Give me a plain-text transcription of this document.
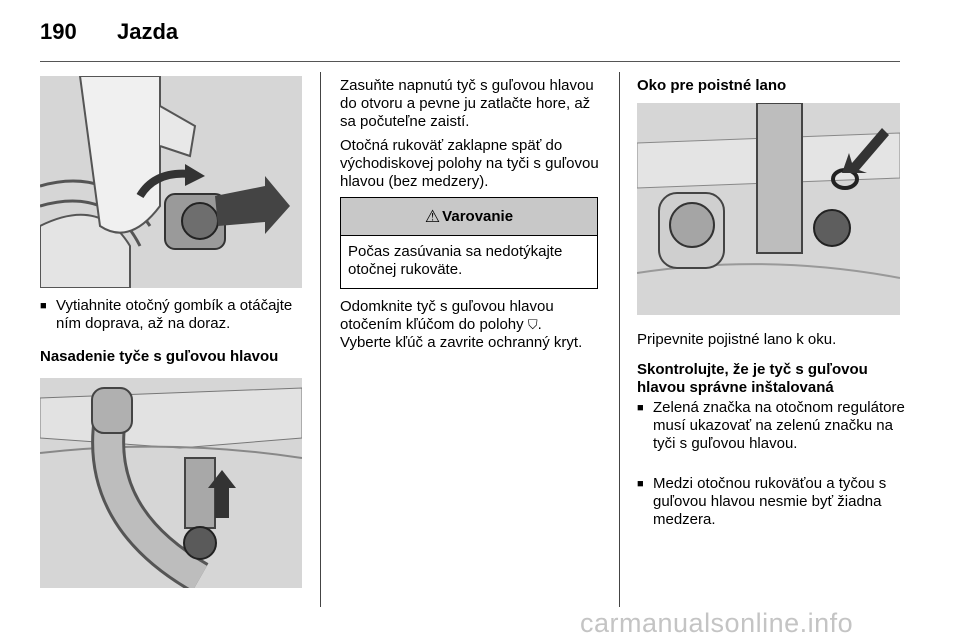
190 Jazda
■ Vytiahnite otočný gombík a otáčajte ním doprava, až na doraz.
Nasadenie tyče s guľovou hlavou
Zasuňte napnutú tyč s guľovou hlavou do otvoru a pevne ju zatlačte hore, až sa počuteľne zaistí.
Otočná rukoväť zaklapne späť do východiskovej polohy na tyči s guľovou hlavou (bez medzery).
⚠ Varovanie
Počas zasúvania sa nedotýkajte otočnej rukoväte.
Odomknite tyč s guľovou hlavou
otočením kľúčom do polohy ⛉.
Vyberte kľúč a zavrite ochranný kryt.
Oko pre poistné lano
Pripevnite pojistné lano k oku.
Skontrolujte, že je tyč s guľovou hlavou správne inštalovaná
■ Zelená značka na otočnom regulátore musí ukazovať na zelenú značku na tyči s guľovou hlavou.
■ Medzi otočnou rukoväťou a tyčou s guľovou hlavou nesmie byť žiadna medzera.
carmanualsonline.info
